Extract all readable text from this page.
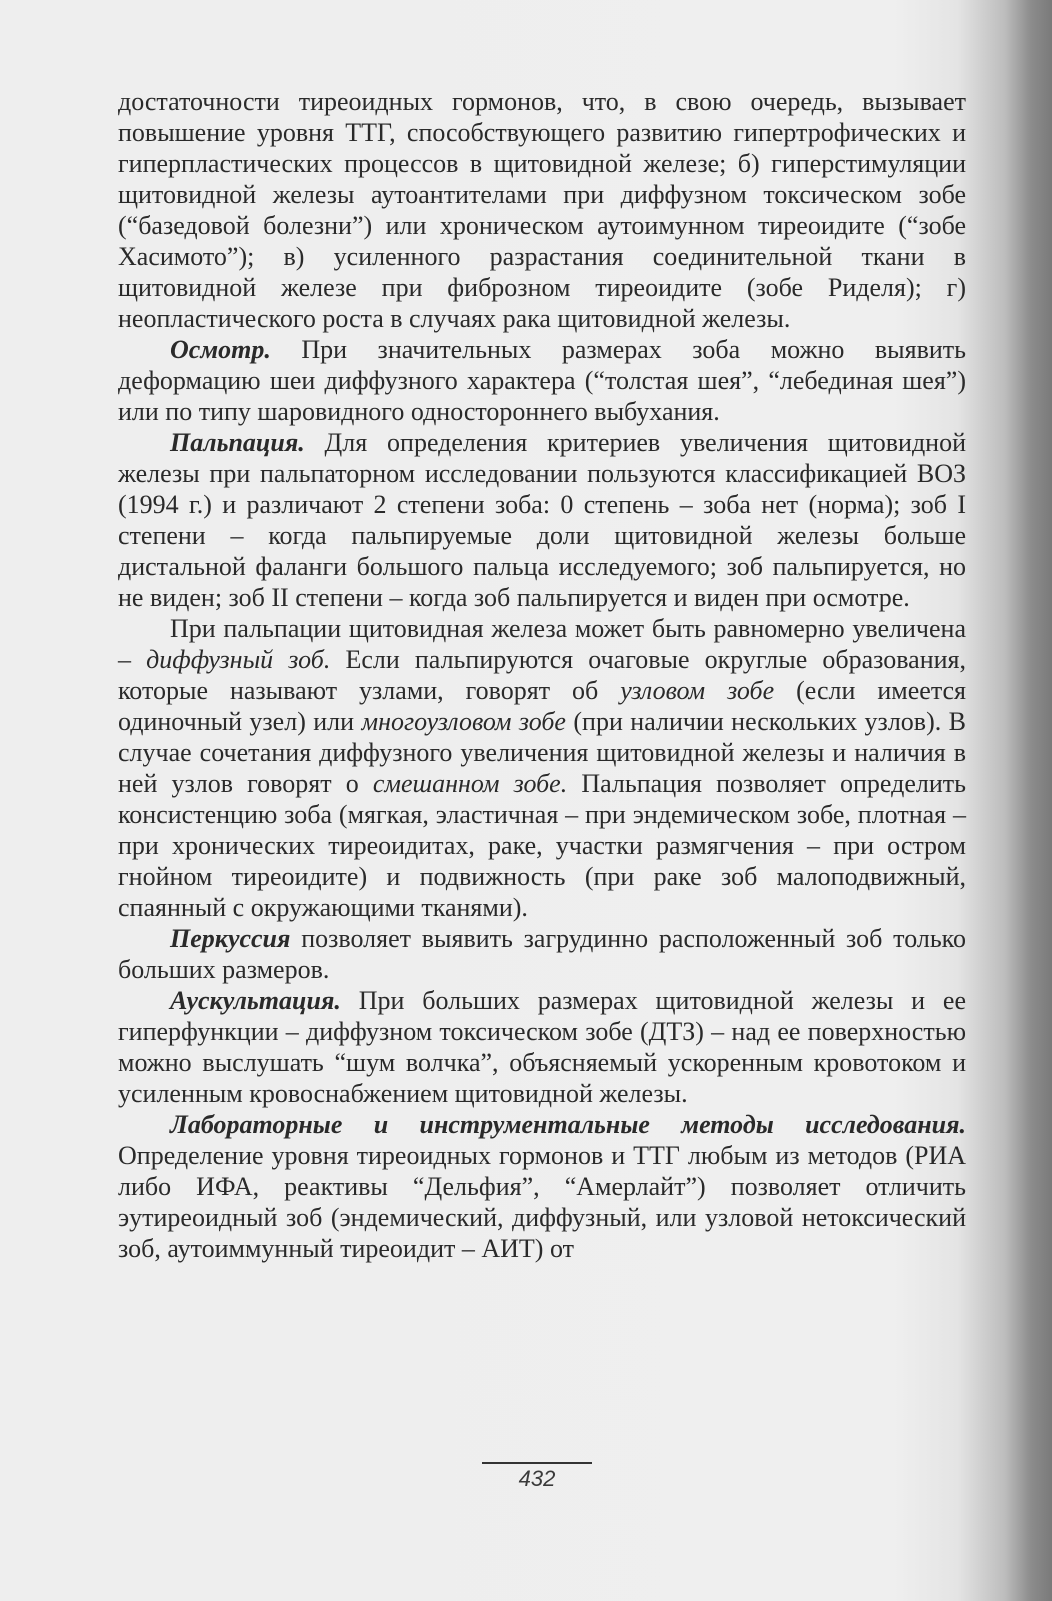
достаточности тиреоидных гормонов, что, в свою очередь, вызывает повышение уровня ТТГ, способствующего развитию гипертрофических и гиперпластических процессов в щитовидной железе; б) гиперстимуляции щитовидной железы аутоантителами при диффузном токсическом зобе (“базедовой болезни”) или хроническом аутоимунном тиреоидите (“зобе Хасимото”); в) усиленного разрастания соединительной ткани в щитовидной железе при фиброзном тиреоидите (зобе Риделя); г) неопластического роста в случаях рака щитовидной железы.

Осмотр. При значительных размерах зоба можно выявить деформацию шеи диффузного характера (“толстая шея”, “лебединая шея”) или по типу шаровидного одностороннего выбухания.

Пальпация. Для определения критериев увеличения щитовидной железы при пальпаторном исследовании пользуются классификацией ВОЗ (1994 г.) и различают 2 степени зоба: 0 степень – зоба нет (норма); зоб I степени – когда пальпируемые доли щитовидной железы больше дистальной фаланги большого пальца исследуемого; зоб пальпируется, но не виден; зоб II степени – когда зоб пальпируется и виден при осмотре.

При пальпации щитовидная железа может быть равномерно увеличена – диффузный зоб. Если пальпируются очаговые округлые образования, которые называют узлами, говорят об узловом зобе (если имеется одиночный узел) или многоузловом зобе (при наличии нескольких узлов). В случае сочетания диффузного увеличения щитовидной железы и наличия в ней узлов говорят о смешанном зобе. Пальпация позволяет определить консистенцию зоба (мягкая, эластичная – при эндемическом зобе, плотная – при хронических тиреоидитах, раке, участки размягчения – при остром гнойном тиреоидите) и подвижность (при раке зоб малоподвижный, спаянный с окружающими тканями).

Перкуссия позволяет выявить загрудинно расположенный зоб только больших размеров.

Аускультация. При больших размерах щитовидной железы и ее гиперфункции – диффузном токсическом зобе (ДТЗ) – над ее поверхностью можно выслушать “шум волчка”, объясняемый ускоренным кровотоком и усиленным кровоснабжением щитовидной железы.

Лабораторные и инструментальные методы исследования. Определение уровня тиреоидных гормонов и ТТГ любым из методов (РИА либо ИФА, реактивы “Дельфия”, “Амерлайт”) позволяет отличить эутиреоидный зоб (эндемический, диффузный, или узловой нетоксический зоб, аутоиммунный тиреоидит – АИТ) от

432
